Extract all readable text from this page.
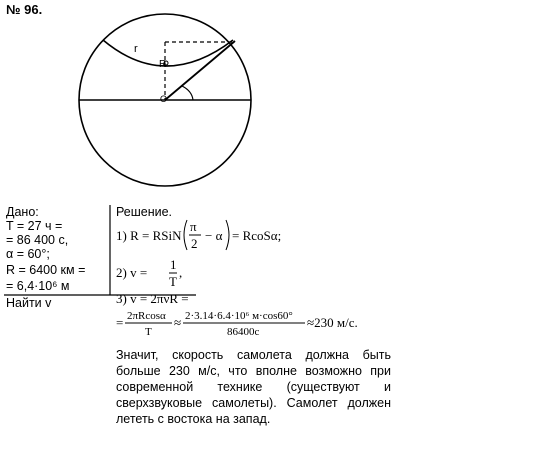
r
R
O
№ 96.
Дано:
T = 27 ч =
= 86 400 с,
α = 60°;
R = 6400 км =
= 6,4·10⁶ м
Найти v
Решение.
1) R = RSiN
π
2
− α = RcoSα;
2) v =
1
T
,
3) v = 2πνR =
= 2πRcosα
T
≈ 2·3.14·6.4·10⁶ м·cos60°
86400c
≈230 м/с.
Значит, скорость самолета должна быть больше 230 м/с, что вполне возможно при современной технике (существуют и сверхзвуковые самолеты). Самолет должен лететь с востока на запад.
